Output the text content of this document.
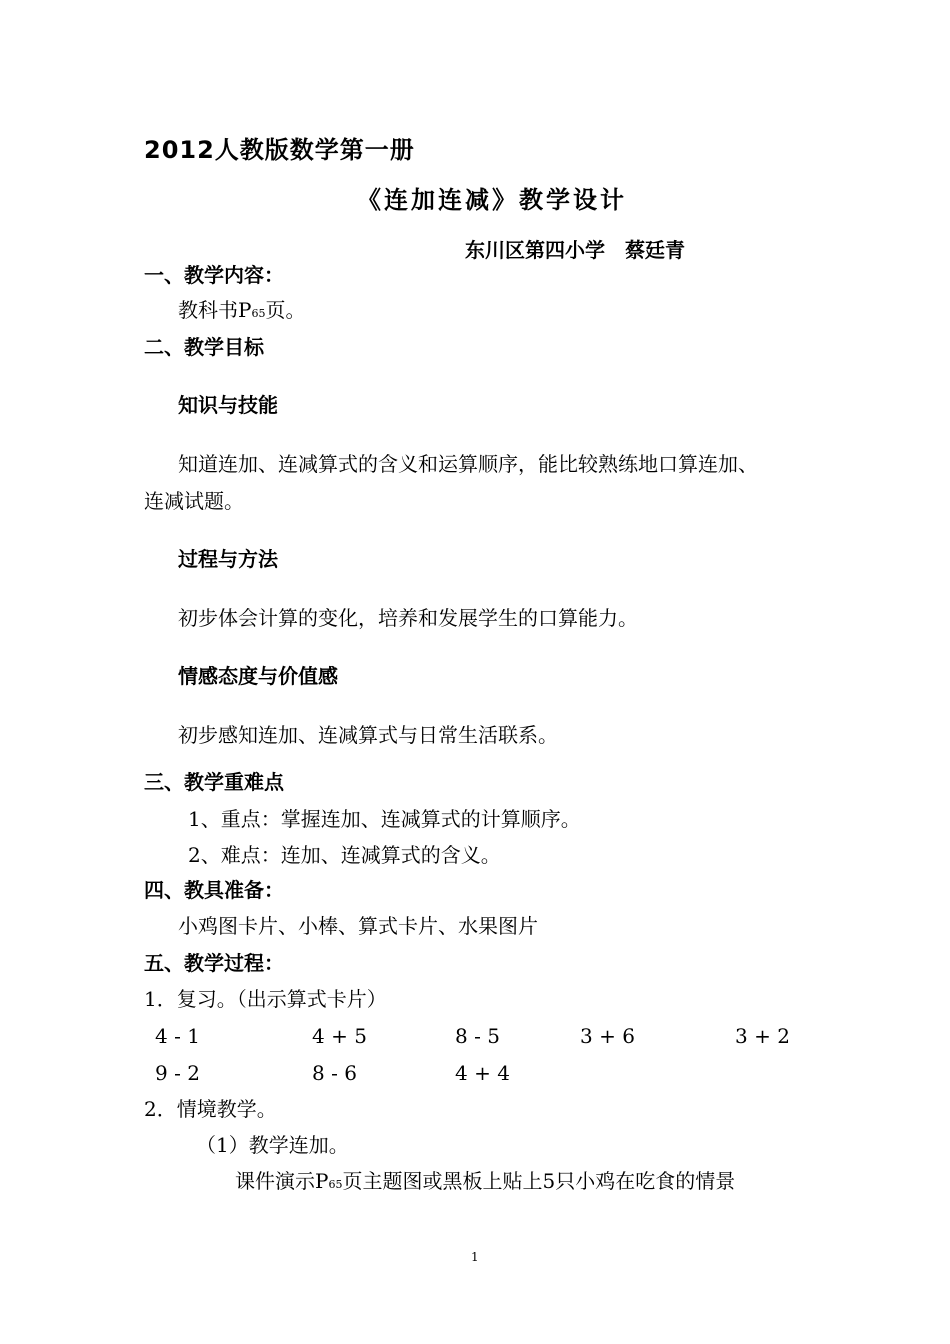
2012人教版数学第一册
《连加连减》教学设计
东川区第四小学　蔡廷青
一、教学内容：
教科书P65页。
二、教学目标
知识与技能
知道连加、连减算式的含义和运算顺序，能比较熟练地口算连加、
连减试题。
过程与方法
初步体会计算的变化，培养和发展学生的口算能力。
情感态度与价值感
初步感知连加、连减算式与日常生活联系。
三、教学重难点
1、重点：掌握连加、连减算式的计算顺序。
2、难点：连加、连减算式的含义。
四、教具准备：
小鸡图卡片、小棒、算式卡片、水果图片
五、教学过程：
1．复习。（出示算式卡片）
4 - 1	4 + 5	8 - 5	3 + 6	3 + 2
9 - 2	8 - 6	4 + 4
2．情境教学。
（1）教学连加。
课件演示P65页主题图或黑板上贴上5只小鸡在吃食的情景
1
